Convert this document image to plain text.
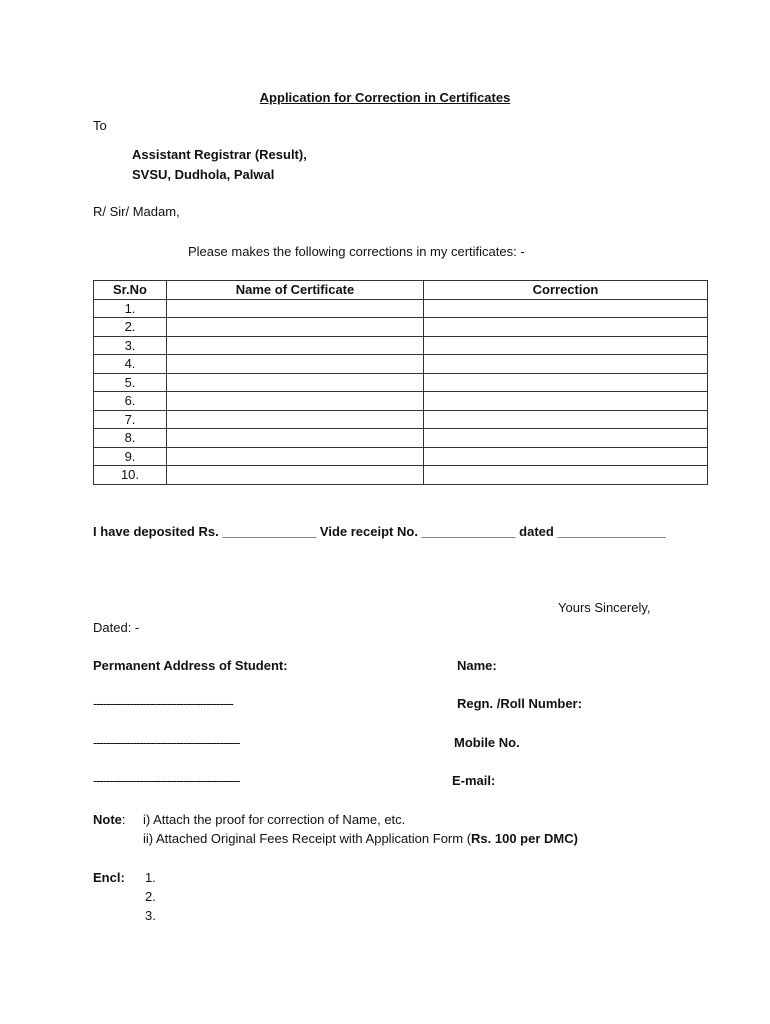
Application for Correction in Certificates
To
Assistant Registrar (Result),
SVSU, Dudhola, Palwal
R/ Sir/ Madam,
Please makes the following corrections in my certificates: -
Sr.No	Name of Certificate	Correction
1.		
2.		
3.		
4.		
5.		
6.		
7.		
8.		
9.		
10.		
I have deposited Rs. _____________ Vide receipt No. _____________ dated _______________
Yours Sincerely,
Dated: -
Permanent Address of Student:	Name:
------------------------------------------	Regn. /Roll Number:
--------------------------------------------	Mobile No.
--------------------------------------------	E-mail:
Note: i) Attach the proof for correction of Name, etc.
ii) Attached Original Fees Receipt with Application Form (Rs. 100 per DMC)
Encl: 1.
2.
3.
